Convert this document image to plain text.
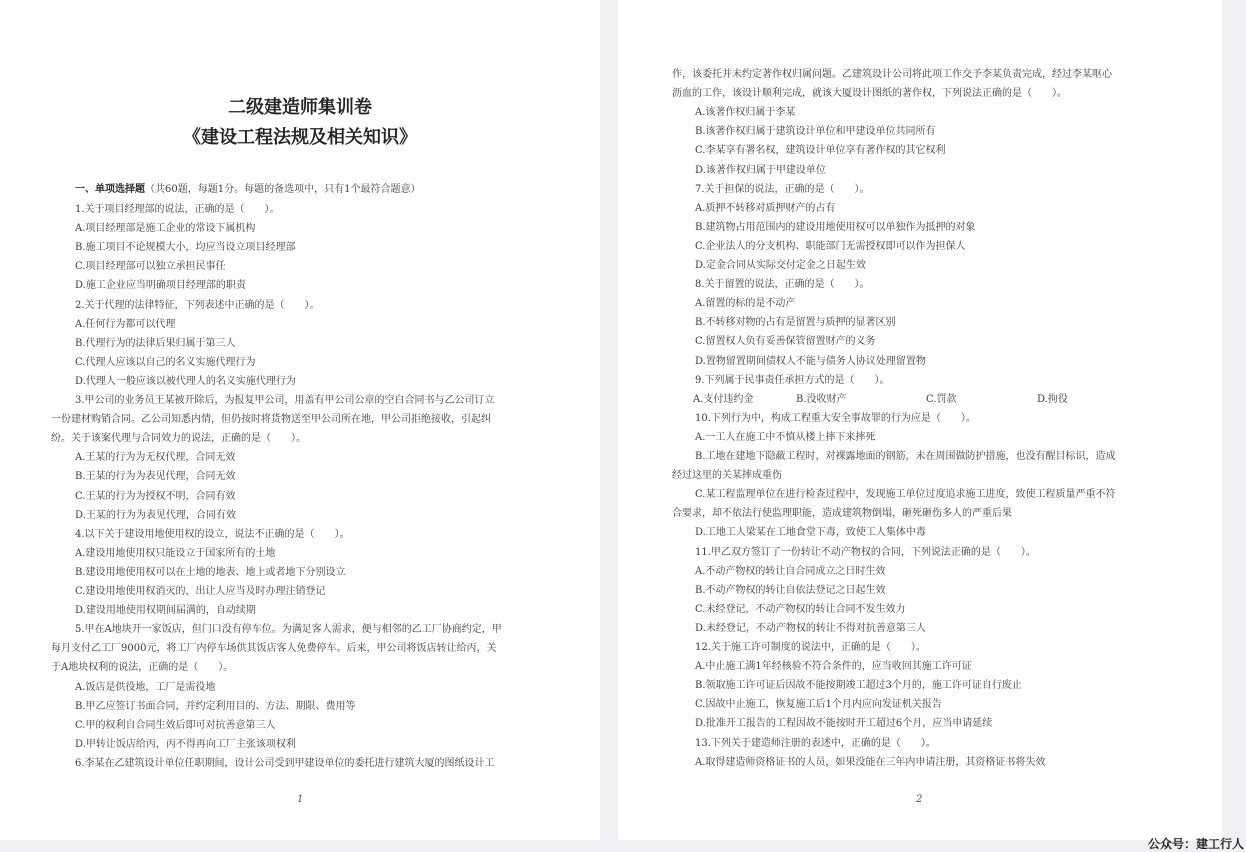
二级建造师集训卷
《建设工程法规及相关知识》
一、单项选择题（共60题，每题1分。每题的备选项中，只有1个最符合题意）
1.关于项目经理部的说法，正确的是（　　）。
A.项目经理部是施工企业的常设下属机构
B.施工项目不论规模大小，均应当设立项目经理部
C.项目经理部可以独立承担民事任
D.施工企业应当明确项目经理部的职责
2.关于代理的法律特征，下列表述中正确的是（　　）。
A.任何行为都可以代理
B.代理行为的法律后果归属于第三人
C.代理人应该以自己的名义实施代理行为
D.代理人一般应该以被代理人的名义实施代理行为
3.甲公司的业务员王某被开除后，为报复甲公司，用盖有甲公司公章的空白合同书与乙公司订立
一份建材购销合同。乙公司知悉内情，但仍按时将货物送至甲公司所在地，甲公司拒绝接收，引起纠
纷。关于该案代理与合同效力的说法，正确的是（　　）。
A.王某的行为为无权代理，合同无效
B.王某的行为为表见代理，合同无效
C.王某的行为为授权不明，合同有效
D.王某的行为为表见代理，合同有效
4.以下关于建设用地使用权的设立，说法不正确的是（　　）。
A.建设用地使用权只能设立于国家所有的土地
B.建设用地使用权可以在土地的地表、地上或者地下分别设立
C.建设用地使用权消灭的，出让人应当及时办理注销登记
D.建设用地使用权期间届满的，自动续期
5.甲在A地块开一家饭店，但门口没有停车位。为满足客人需求，便与相邻的乙工厂协商约定，甲
每月支付乙工厂9000元，将工厂内停车场供其饭店客人免费停车。后来，甲公司将饭店转让给丙，关
于A地块权利的说法，正确的是（　　）。
A.饭店是供役地，工厂是需役地
B.甲乙应签订书面合同，并约定利用目的、方法、期限、费用等
C.甲的权利自合同生效后即可对抗善意第三人
D.甲转让饭店给丙，丙不得再向工厂主张该项权利
6.李某在乙建筑设计单位任职期间，设计公司受到甲建设单位的委托进行建筑大厦的图纸设计工
1
作，该委托并未约定著作权归属问题。乙建筑设计公司将此项工作交予李某负责完成，经过李某呕心
沥血的工作，该设计顺利完成，就该大厦设计图纸的著作权，下列说法正确的是（　　）。
A.该著作权归属于李某
B.该著作权归属于建筑设计单位和甲建设单位共同所有
C.李某享有署名权，建筑设计单位享有著作权的其它权利
D.该著作权归属于甲建设单位
7.关于担保的说法，正确的是（　　）。
A.质押不转移对质押财产的占有
B.建筑物占用范围内的建设用地使用权可以单独作为抵押的对象
C.企业法人的分支机构、职能部门无需授权即可以作为担保人
D.定金合同从实际交付定金之日起生效
8.关于留置的说法，正确的是（　　）。
A.留置的标的是不动产
B.不转移对物的占有是留置与质押的显著区别
C.留置权人负有妥善保管留置财产的义务
D.置物留置期间债权人不能与债务人协议处理留置物
9.下列属于民事责任承担方式的是（　　）。
A.支付违约金	B.没收财产	C.罚款	D.拘役
10.下列行为中，构成工程重大安全事故罪的行为应是（　　）。
A.一工人在施工中不慎从楼上摔下来摔死
B.工地在建地下隐蔽工程时，对裸露地面的钢筋，未在周围做防护措施，也没有醒目标识，造成
经过这里的关某摔成重伤
C.某工程监理单位在进行检查过程中，发现施工单位过度追求施工进度，致使工程质量严重不符
合要求，却不依法行使监理职能，造成建筑物倒塌，砸死砸伤多人的严重后果
D.工地工人梁某在工地食堂下毒，致使工人集体中毒
11.甲乙双方签订了一份转让不动产物权的合同，下列说法正确的是（　　）。
A.不动产物权的转让自合同成立之日时生效
B.不动产物权的转让自依法登记之日起生效
C.未经登记，不动产物权的转让合同不发生效力
D.未经登记，不动产物权的转让不得对抗善意第三人
12.关于施工许可制度的说法中，正确的是（　　）。
A.中止施工满1年经核验不符合条件的，应当收回其施工许可证
B.领取施工许可证后因故不能按期竣工超过3个月的，施工许可证自行废止
C.因故中止施工，恢复施工后1个月内应向发证机关报告
D.批准开工报告的工程因故不能按时开工超过6个月，应当申请延续
13.下列关于建造师注册的表述中，正确的是（　　）。
A.取得建造师资格证书的人员，如果没能在三年内申请注册，其资格证书将失效
2
公众号：建工行人
